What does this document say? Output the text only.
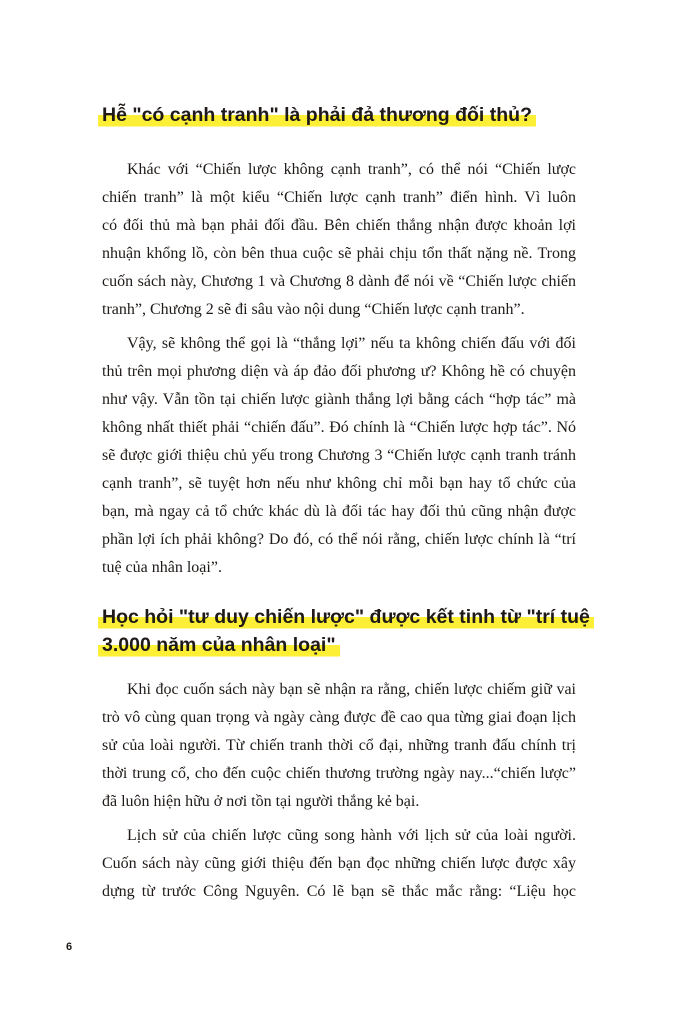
Hễ "có cạnh tranh" là phải đả thương đối thủ?
Khác với “Chiến lược không cạnh tranh”, có thể nói “Chiến lược
chiến tranh” là một kiểu “Chiến lược cạnh tranh” điển hình. Vì luôn
có đối thủ mà bạn phải đối đầu. Bên chiến thắng nhận được khoản lợi
nhuận khổng lồ, còn bên thua cuộc sẽ phải chịu tổn thất nặng nề. Trong
cuốn sách này, Chương 1 và Chương 8 dành để nói về “Chiến lược chiến
tranh”, Chương 2 sẽ đi sâu vào nội dung “Chiến lược cạnh tranh”.
Vậy, sẽ không thể gọi là “thắng lợi” nếu ta không chiến đấu với đối
thủ trên mọi phương diện và áp đảo đối phương ư? Không hề có chuyện
như vậy. Vẫn tồn tại chiến lược giành thắng lợi bằng cách “hợp tác” mà
không nhất thiết phải “chiến đấu”. Đó chính là “Chiến lược hợp tác”. Nó
sẽ được giới thiệu chủ yếu trong Chương 3 “Chiến lược cạnh tranh tránh
cạnh tranh”, sẽ tuyệt hơn nếu như không chỉ mỗi bạn hay tổ chức của
bạn, mà ngay cả tổ chức khác dù là đối tác hay đối thủ cũng nhận được
phần lợi ích phải không? Do đó, có thể nói rằng, chiến lược chính là “trí
tuệ của nhân loại”.
Học hỏi "tư duy chiến lược" được kết tinh từ "trí tuệ
3.000 năm của nhân loại"
Khi đọc cuốn sách này bạn sẽ nhận ra rằng, chiến lược chiếm giữ vai
trò vô cùng quan trọng và ngày càng được đề cao qua từng giai đoạn lịch
sử của loài người. Từ chiến tranh thời cổ đại, những tranh đấu chính trị
thời trung cổ, cho đến cuộc chiến thương trường ngày nay...“chiến lược”
đã luôn hiện hữu ở nơi tồn tại người thắng kẻ bại.
Lịch sử của chiến lược cũng song hành với lịch sử của loài người.
Cuốn sách này cũng giới thiệu đến bạn đọc những chiến lược được xây
dựng từ trước Công Nguyên. Có lẽ bạn sẽ thắc mắc rằng: “Liệu học
6
